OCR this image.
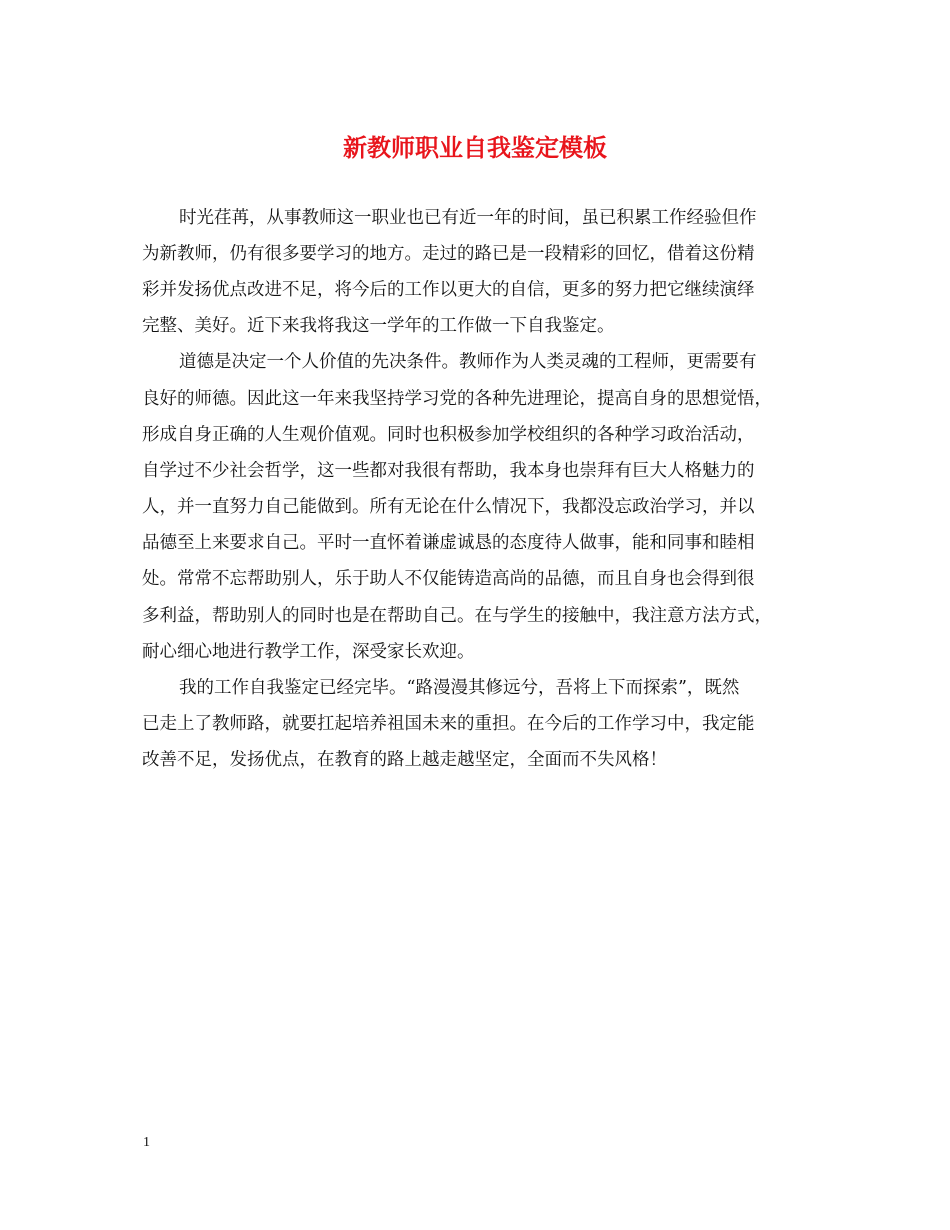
新教师职业自我鉴定模板
时光荏苒，从事教师这一职业也已有近一年的时间，虽已积累工作经验但作
为新教师，仍有很多要学习的地方。走过的路已是一段精彩的回忆，借着这份精
彩并发扬优点改进不足，将今后的工作以更大的自信，更多的努力把它继续演绎
完整、美好。近下来我将我这一学年的工作做一下自我鉴定。
道德是决定一个人价值的先决条件。教师作为人类灵魂的工程师，更需要有
良好的师德。因此这一年来我坚持学习党的各种先进理论，提高自身的思想觉悟，
形成自身正确的人生观价值观。同时也积极参加学校组织的各种学习政治活动，
自学过不少社会哲学，这一些都对我很有帮助，我本身也崇拜有巨大人格魅力的
人，并一直努力自己能做到。所有无论在什么情况下，我都没忘政治学习，并以
品德至上来要求自己。平时一直怀着谦虚诚恳的态度待人做事，能和同事和睦相
处。常常不忘帮助别人，乐于助人不仅能铸造高尚的品德，而且自身也会得到很
多利益，帮助别人的同时也是在帮助自己。在与学生的接触中，我注意方法方式，
耐心细心地进行教学工作，深受家长欢迎。
我的工作自我鉴定已经完毕。“路漫漫其修远兮，吾将上下而探索”，既然
已走上了教师路，就要扛起培养祖国未来的重担。在今后的工作学习中，我定能
改善不足，发扬优点，在教育的路上越走越坚定，全面而不失风格！
1
